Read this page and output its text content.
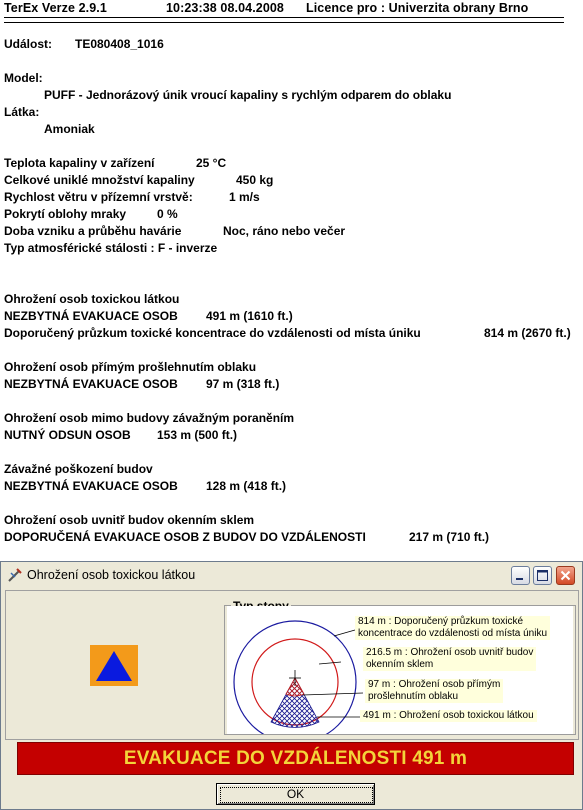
TerEx Verze 2.9.1	10:23:38 08.04.2008 Licence pro : Univerzita obrany Brno
Událost: TE080408_1016
Model:
PUFF - Jednorázový únik vroucí kapaliny s rychlým odparem do oblaku
Látka:
Amoniak
Teplota kapaliny v zařízení	25 °C
Celkové uniklé množství kapaliny	450 kg
Rychlost větru v přízemní vrstvě:	1 m/s
Pokrytí oblohy mraky	0 %
Doba vzniku a průběhu havárie	Noc, ráno nebo večer
Typ atmosférické stálosti : F - inverze
Ohrožení osob toxickou látkou
NEZBYTNÁ EVAKUACE OSOB 491 m (1610 ft.)
Doporučený průzkum toxické koncentrace do vzdálenosti od místa úniku	814 m (2670 ft.)
Ohrožení osob přímým prošlehnutím oblaku
NEZBYTNÁ EVAKUACE OSOB 97 m (318 ft.)
Ohrožení osob mimo budovy závažným poraněním
NUTNÝ ODSUN OSOB 153 m (500 ft.)
Závažné poškození budov
NEZBYTNÁ EVAKUACE OSOB 128 m (418 ft.)
Ohrožení osob uvnitř budov okenním sklem
DOPORUČENÁ EVAKUACE OSOB Z BUDOV DO VZDÁLENOSTI	217 m (710 ft.)
Ohrožení osob toxickou látkou
814 m : Doporučený průzkum toxické
koncentrace do vzdálenosti od místa úniku
216.5 m : Ohrožení osob uvnitř budov
okenním sklem
97 m : Ohrožení osob přímým
prošlehnutím oblaku
491 m : Ohrožení osob toxickou látkou
EVAKUACE DO VZDÁLENOSTI 491 m
OK
